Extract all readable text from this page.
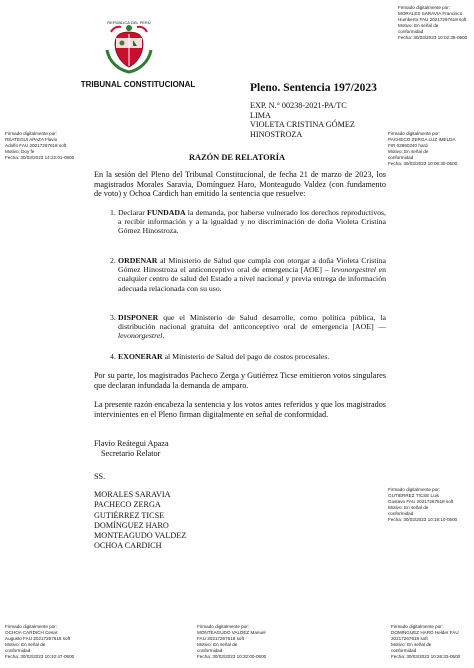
Firmado digitalmente por:
MORALES SARAVIA Francisco
Humberto FAU 20217267618 soft
Motivo: En señal de
conformidad
Fecha: 30/03/2023 10:02:35-0500
Firmado digitalmente por:
REATEGUI APAZA Flavio
Adolfo FAU 20217267618 soft
Motivo: Doy fe
Fecha: 30/03/2023 14:22:01-0500
Firmado digitalmente por:
PACHECO ZERGA LUZ IMELDA
FIR 02860240 hard
Motivo: En señal de
conformidad
Fecha: 30/03/2023 10:06:30-0500
Firmado digitalmente por:
GUTIERREZ TICSE Luis
Gustavo FAU 20217267618 soft
Motivo: En señal de
conformidad
Fecha: 30/03/2023 10:19:10-0500
Firmado digitalmente por:
OCHOA CARDICH Cesar
Augusto FAU 20217267618 soft
Motivo: En señal de
conformidad
Fecha: 30/03/2023 10:10:47-0500
Firmado digitalmente por:
MONTEAGUDO VALDEZ Manuel
FAU 20217267618 soft
Motivo: En señal de
conformidad
Fecha: 30/03/2023 10:32:00-0500
Firmado digitalmente por:
DOMINGUEZ HARO Helder FAU
20217267618 soft
Motivo: En señal de
conformidad
Fecha: 30/03/2023 10:26:33-0500
REPÚBLICA DEL PERÚ
TRIBUNAL CONSTITUCIONAL	Pleno. Sentencia 197/2023
EXP. N.° 00238-2021-PA/TC
LIMA
VIOLETA CRISTINA GÓMEZ
HINOSTROZA
RAZÓN DE RELATORÍA
En la sesión del Pleno del Tribunal Constitucional, de fecha 21 de marzo de 2023, los magistrados Morales Saravia, Domínguez Haro, Monteagudo Valdez (con fundamento de voto) y Ochoa Cardich han emitido la sentencia que resuelve:
1. Declarar FUNDADA la demanda, por haberse vulnerado los derechos reproductivos, a recibir información y a la igualdad y no discriminación de doña Violeta Cristina Gómez Hinostroza.
2. ORDENAR al Ministerio de Salud que cumpla con otorgar a doña Violeta Cristina Gómez Hinostroza el anticonceptivo oral de emergencia [AOE] – levonorgestrel en cualquier centro de salud del Estado a nivel nacional y previa entrega de información adecuada relacionada con su uso.
3. DISPONER que el Ministerio de Salud desarrolle, como política pública, la distribución nacional gratuita del anticonceptivo oral de emergencia [AOE] —levonorgestrel.
4. EXONERAR al Ministerio de Salud del pago de costos procesales.
Por su parte, los magistrados Pacheco Zerga y Gutiérrez Ticse emitieron votos singulares que declaran infundada la demanda de amparo.
La presente razón encabeza la sentencia y los votos antes referidos y que los magistrados intervinientes en el Pleno firman digitalmente en señal de conformidad.
Flavio Reátegui Apaza
Secretario Relator
SS.
MORALES SARAVIA
PACHECO ZERGA
GUTIÉRREZ TICSE
DOMÍNGUEZ HARO
MONTEAGUDO VALDEZ
OCHOA CARDICH
